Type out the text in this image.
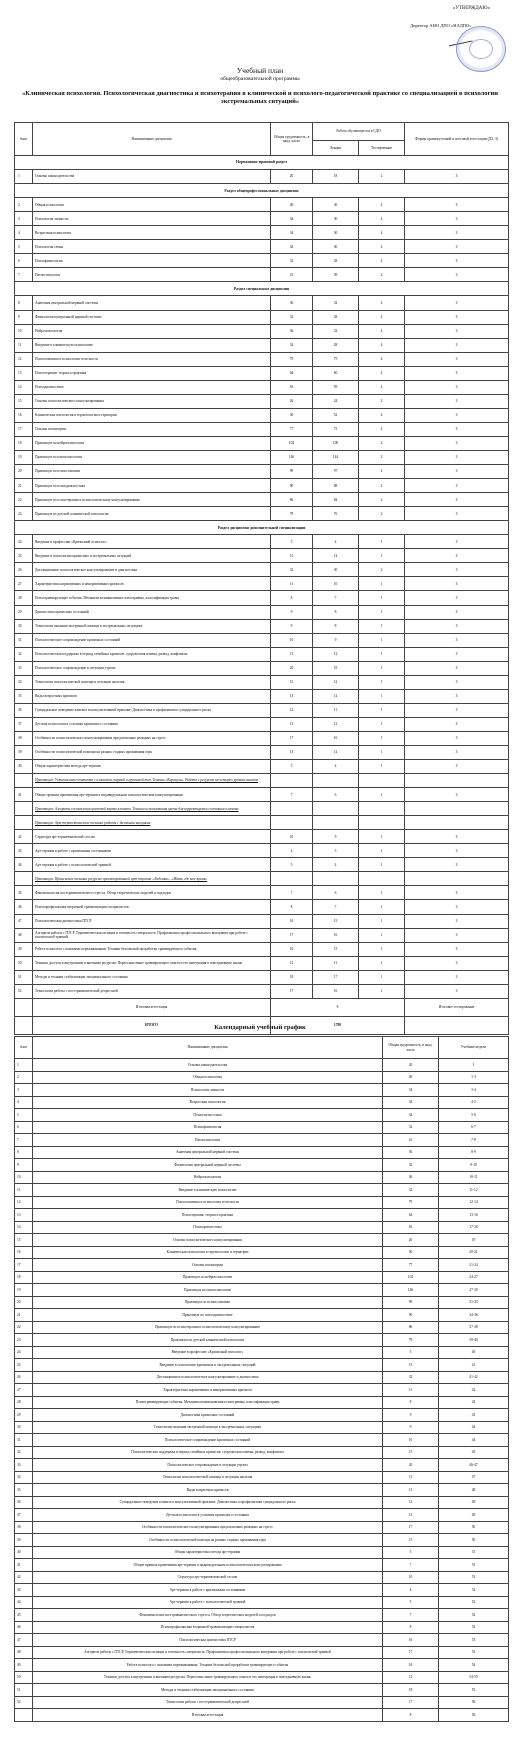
«УТВЕРЖДАЮ»
Директор АНО ДПО «НАДПО»
Учебный план
общеобразовательной программы
«Клиническая психология. Психологическая диагностика и психотерапия в клинической и психолого-педагогической практике со специализацией в психологии экстремальных ситуаций»
№пп	Наименование дисциплин	Общая трудоемкость, в акад. часах	Работа обучающегося в СДО		Формы промежуточной и итоговой аттестации (ДЗ, З)
			Лекции	Тестирование	
Нормативно-правовой раздел					
1	Основы законодательства	20	18	2	З
Раздел общепрофессиональных дисциплин					
2	Общая психология	40	36	4	З
3	Психология личности	34	30	4	З
4	Возрастная психология	34	30	4	З
5	Психология семьи	34	30	4	З
6	Психофизиология	32	28	4	З
7	Патопсихология	41	39	2	З
Раздел специальных дисциплин					
8	Анатомия центральной нервной системы	36	32	4	З
9	Физиология центральной нервной системы	32	28	4	З
10	Нейропсихология	36	32	4	З
11	Введение в клиническую психологию	32	28	4	З
12	Психосоматика и психология телесности	79	75	4	З
13	Психотерапия: теория и практика	64	60	4	З
14	Психодиагностика	63	59	4	З
15	Основы психологического консультирования	26	24	2	З
16	Клиническая психология в геронтологии и гериатрии	56	52	4	З
17	Основы психиатрии	77	73	4	З
18	Практикум по нейропсихологии	102	100	2	З
19	Практикум по патопсихологии	146	144	2	З
20	Практикум по психосоматике	99	97	2	З
21	Практикум по психодиагностике	90	88	2	З
22	Практикум по психотерапии и психологическому консультированию	86	84	2	З
23	Практикум по детской клинической психологии	78	76	2	З
Раздел дисциплин дополнительной специализации					
24	Введение в профессию «Кризисный психолог»	5	4	1	З
25	Введение в психологию кризисных и экстремальных ситуаций	15	14	1	З
26	Дистанционное психологическое консультирование и диагностика	32	30	2	З
27	Характеристика нормативных и ненормативных кризисов	11	10	1	З
28	Психотравмирующие события. Механизм возникновения психотравмы, классификация травм	8	7	1	З
29	Диагностика кризисных состояний	9	8	1	З
30	Технологии оказания экстренной помощи в экстремальных ситуациях	9	8	1	З
31	Психологическое сопровождение кризисных состояний	10	9	1	З
32	Психологическая поддержка в период семейных кризисов: супружеская измена, развод, конфликты	13	12	1	З
33	Психологическое сопровождение в ситуации утраты	20	19	1	З
34	Технологии психологической помощи в ситуации насилия	13	12	1	З
35	Виды возрастных кризисов	13	12	1	З
36	Суицидальное поведение клиента в консультативной практике. Диагностика и профилактика суицидального риска	12	11	1	З
37	Детская психология в условиях кризисного состояния	13	12	1	З
38	Особенности психологического консультирования при различных реакциях на стресс	17	16	1	З
39	Особенности психологической помощи на разных стадиях проживания горя	13	12	1	З
40	Общая характеристика метода арт-терапии	5	4	1	З
	Практикум: Установление контакта с клиентом, парный и групповой тип. Техника «Каракули». Работа с ресурсом на четырех уровнях анализа				
41	Общие правила применения арт-терапии в индивидуальном психологическом консультировании	7	6	1	З
	Практикум: Алгоритм составления цветовой карты клиента. Техника использования цвета для корректировки состояния клиента				
	Практикум: Арт-терапевтические техники работы с базовыми эмоциями				
42	Структура арт-терапевтической сессии	10	9	1	З
43	Арт-терапия в работе с кризисными состояниями	4	3	1	З
44	Арт-терапия в работе с психологической травмой	5	4	1	З
	Практикум: Применение техники ресурсно-ориентированной арт-терапии «Ладошка», «Мята, где мое время»				
45	Феноменология посттравматического стресса. Обзор теоретических моделей и подходов	7	6	1	З
46	Психопрофилактика вторичной травматизации специалистов	8	7	1	З
47	Психологическая диагностика ПТСР	16	15	1	З
48	Алгоритм работы с ПТСР. Терапевтическая позиция и готовность специалиста. Профилактика профессионального выгорания при работе с психической травмой	17	16	1	З
49	Работа психолога с паховыми переживаниями. Техники безопасной проработки травмирующего события	16	15	1	З
50	Техники доступа к внутренним и внешним ресурсам. Переосмысление травмирующего опыта и его интеграция в повседневную жизнь	12	11	1	З
51	Методы и техники стабилизации эмоционального состояния	18	17	1	З
52	Технологии работы с посттравматической депрессией	17	16	1	З
	Итоговая аттестация	8			Итоговое тестирование
	ИТОГО	1700			
Календарный учебный график
№пп	Наименование дисциплин	Общая трудоемкость, в акад. часах	Учебные недели
1	Основы законодательства	20	1
2	Общая психология	40	1-3
3	Психология личности	34	3-4
4	Возрастная психология	34	4-5
5	Психология семьи	34	5-6
6	Психофизиология	32	6-7
7	Патопсихология	41	7-8
8	Анатомия центральной нервной системы	36	8-9
9	Физиология центральной нервной системы	32	9-10
10	Нейропсихология	36	10-11
11	Введение в клиническую психологию	32	11-12
12	Психосоматика и психология телесности	79	12-14
13	Психотерапия: теория и практика	64	13-16
14	Психодиагностика	63	17-18
15	Основы психологического консультирования	26	19
16	Клиническая психология в геронтологии и гериатрии	56	20-21
17	Основы психиатрии	77	21-24
18	Практикум по нейропсихологии	102	24-27
19	Практикум по патопсихологии	146	27-30
20	Практикум по психосоматике	99	31-33
21	Практикум по психодиагностике	90	34-36
22	Практикум по психотерапии и психологическому консультированию	86	37-38
23	Практикум по детской клинической психологии	78	39-40
24	Введение в профессию «Кризисный психолог»	5	40
25	Введение в психологию кризисных и экстремальных ситуаций	15	41
26	Дистанционное психологическое консультирование и диагностика	32	41-42
27	Характеристика нормативных и ненормативных кризисов	11	42
28	Психотравмирующие события. Механизм возникновения психотравмы, классификация травм	8	43
29	Диагностика кризисных состояний	9	43
30	Технологии оказания экстренной помощи в экстремальных ситуациях	9	44
31	Психологическое сопровождение кризисных состояний	10	44
32	Психологическая поддержка в период семейных кризисов: супружеская измена, развод, конфликты	13	45
33	Психологическое сопровождение в ситуации утраты	20	46-47
34	Технологии психологической помощи в ситуации насилия	13	47
35	Виды возрастных кризисов	13	48
36	Суицидальное поведение клиента в консультативной практике. Диагностика и профилактика суицидального риска	12	49
37	Детская психология в условиях кризисного состояния	13	49
38	Особенности психологического консультирования при различных реакциях на стресс	17	50
39	Особенности психологической помощи на разных стадиях проживания горя	13	50
40	Общая характеристика метода арт-терапии	5	51
41	Общие правила применения арт-терапии в индивидуальном психологическом консультировании	7	51
42	Структура арт-терапевтической сессии	10	51
43	Арт-терапия в работе с кризисными состояниями	4	52
44	Арт-терапия в работе с психологической травмой	5	52
45	Феноменология посттравматического стресса. Обзор теоретических моделей и подходов	7	52
46	Психопрофилактика вторичной травматизации специалистов	8	52
47	Психологическая диагностика ПТСР	16	53
48	Алгоритм работы с ПТСР. Терапевтическая позиция и готовность специалиста. Профилактика профессионального выгорания при работе с психической травмой	17	53
49	Работа психолога с паховыми переживаниями. Техники безопасной проработки травмирующего события	16	54
50	Техники доступа к внутренним и внешним ресурсам. Переосмысление травмирующего опыта и его интеграция в повседневную жизнь	12	54-55
51	Методы и техники стабилизации эмоционального состояния	18	55
52	Технологии работы с посттравматической депрессией	17	56
	Итоговая аттестация	8	56
